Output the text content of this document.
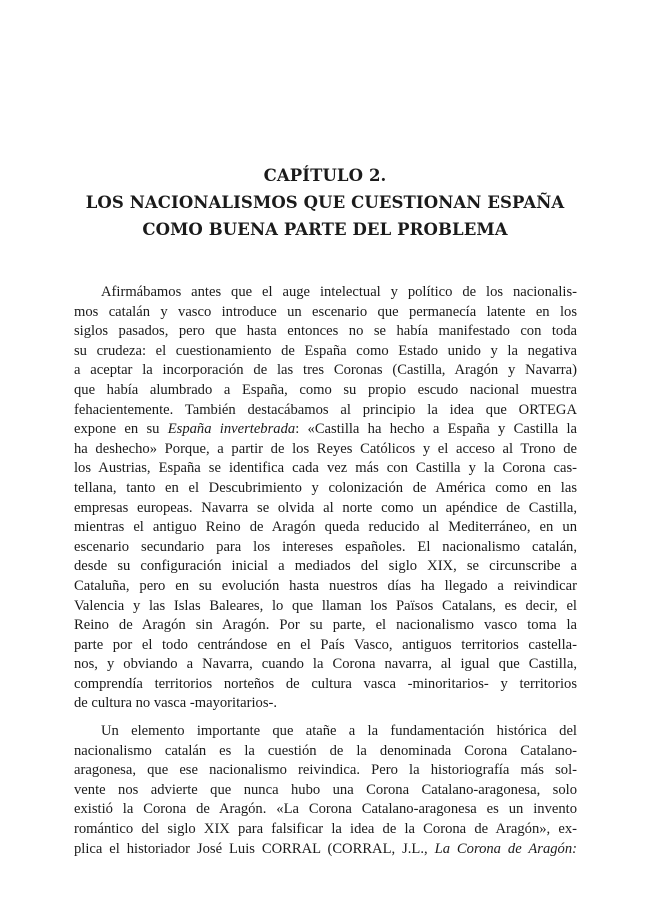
CAPÍTULO 2.
LOS NACIONALISMOS QUE CUESTIONAN ESPAÑA
COMO BUENA PARTE DEL PROBLEMA
Afirmábamos antes que el auge intelectual y político de los nacionalis-
mos catalán y vasco introduce un escenario que permanecía latente en los
siglos pasados, pero que hasta entonces no se había manifestado con toda
su crudeza: el cuestionamiento de España como Estado unido y la negativa
a aceptar la incorporación de las tres Coronas (Castilla, Aragón y Navarra)
que había alumbrado a España, como su propio escudo nacional muestra
fehacientemente. También destacábamos al principio la idea que ORTEGA
expone en su España invertebrada: «Castilla ha hecho a España y Castilla la
ha deshecho» Porque, a partir de los Reyes Católicos y el acceso al Trono de
los Austrias, España se identifica cada vez más con Castilla y la Corona cas-
tellana, tanto en el Descubrimiento y colonización de América como en las
empresas europeas. Navarra se olvida al norte como un apéndice de Castilla,
mientras el antiguo Reino de Aragón queda reducido al Mediterráneo, en un
escenario secundario para los intereses españoles. El nacionalismo catalán,
desde su configuración inicial a mediados del siglo XIX, se circunscribe a
Cataluña, pero en su evolución hasta nuestros días ha llegado a reivindicar
Valencia y las Islas Baleares, lo que llaman los Països Catalans, es decir, el
Reino de Aragón sin Aragón. Por su parte, el nacionalismo vasco toma la
parte por el todo centrándose en el País Vasco, antiguos territorios castella-
nos, y obviando a Navarra, cuando la Corona navarra, al igual que Castilla,
comprendía territorios norteños de cultura vasca -minoritarios- y territorios
de cultura no vasca -mayoritarios-.
Un elemento importante que atañe a la fundamentación histórica del
nacionalismo catalán es la cuestión de la denominada Corona Catalano-
aragonesa, que ese nacionalismo reivindica. Pero la historiografía más sol-
vente nos advierte que nunca hubo una Corona Catalano-aragonesa, solo
existió la Corona de Aragón. «La Corona Catalano-aragonesa es un invento
romántico del siglo XIX para falsificar la idea de la Corona de Aragón», ex-
plica el historiador José Luis CORRAL (CORRAL, J.L., La Corona de Aragón:
